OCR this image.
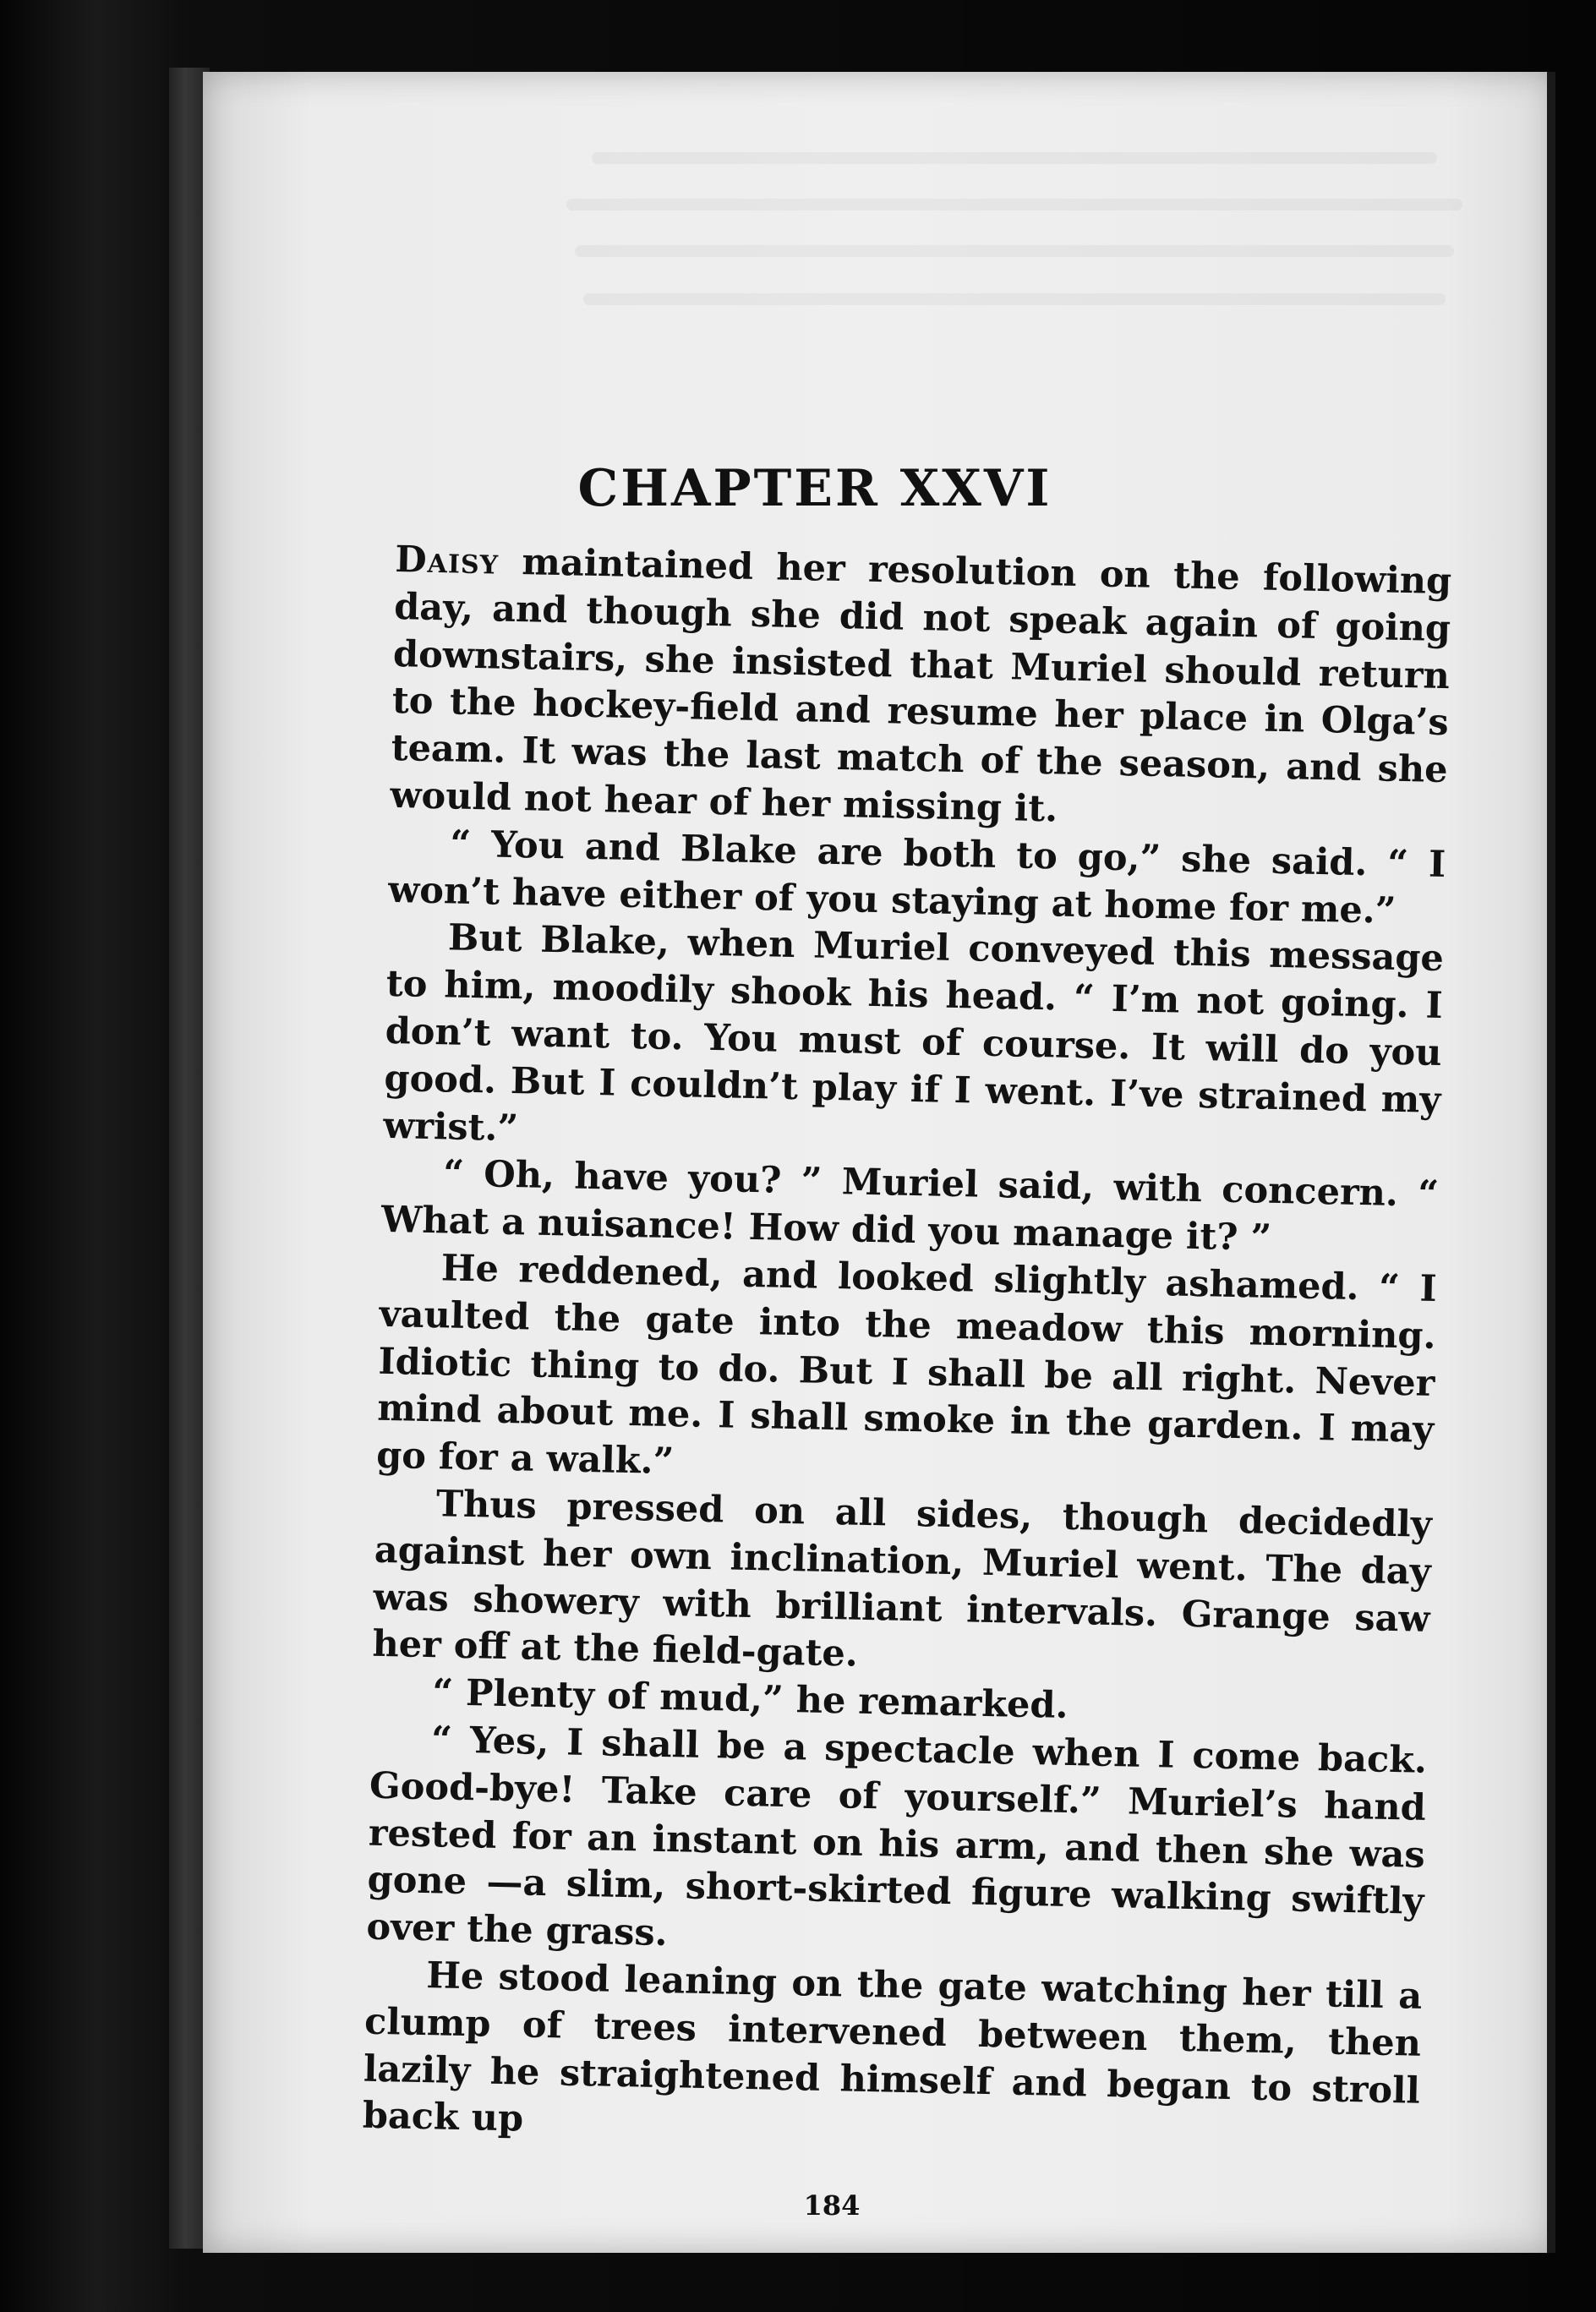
CHAPTER XXVI

Daisy maintained her resolution on the following day, and though she did not speak again of going downstairs, she insisted that Muriel should return to the hockey-field and resume her place in Olga’s team. It was the last match of the season, and she would not hear of her missing it.

“ You and Blake are both to go,” she said. “ I won’t have either of you staying at home for me.”

But Blake, when Muriel conveyed this message to him, moodily shook his head. “ I’m not going. I don’t want to. You must of course. It will do you good. But I couldn’t play if I went. I’ve strained my wrist.”

“ Oh, have you? ” Muriel said, with concern. “ What a nuisance! How did you manage it? ”

He reddened, and looked slightly ashamed. “ I vaulted the gate into the meadow this morning. Idiotic thing to do. But I shall be all right. Never mind about me. I shall smoke in the garden. I may go for a walk.”

Thus pressed on all sides, though decidedly against her own inclination, Muriel went. The day was showery with brilliant intervals. Grange saw her off at the field-gate.

“ Plenty of mud,” he remarked.

“ Yes, I shall be a spectacle when I come back. Good-bye! Take care of yourself.” Muriel’s hand rested for an instant on his arm, and then she was gone —a slim, short-skirted figure walking swiftly over the grass.

He stood leaning on the gate watching her till a clump of trees intervened between them, then lazily he straightened himself and began to stroll back up

184
